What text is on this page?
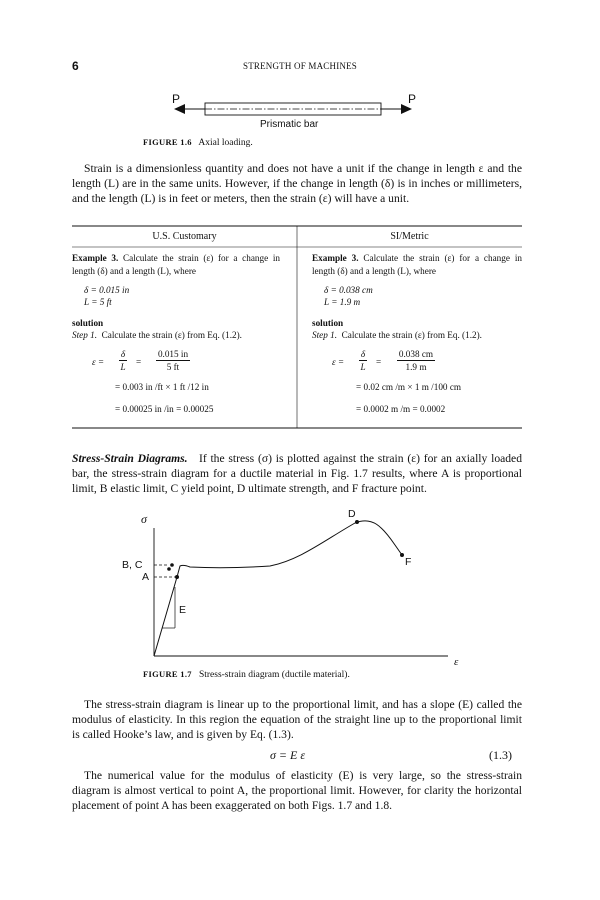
6	STRENGTH OF MACHINES
P	P
Prismatic bar
FIGURE 1.6 Axial loading.
Strain is a dimensionless quantity and does not have a unit if the change in length ε and the length (L) are in the same units. However, if the change in length (δ) is in inches or millimeters, and the length (L) is in feet or meters, then the strain (ε) will have a unit.
U.S. Customary	SI/Metric
Example 3. Calculate the strain (ε) for a change in length (δ) and a length (L), where
δ = 0.015 in
L = 5 ft
solution
Step 1. Calculate the strain (ε) from Eq. (1.2).
$\varepsilon = \frac{\delta}{L} = \frac{0.015 in}{5 ft}$
= 0.003 in /ft × 1 ft /12 in
= 0.00025 in /in = 0.00025
Example 3. Calculate the strain (ε) for a change in length (δ) and a length (L), where
δ = 0.038 cm
L = 1.9 m
solution
Step 1. Calculate the strain (ε) from Eq. (1.2).
$\varepsilon = \frac{\delta}{L} = \frac{0.038 cm}{1.9 m}$
= 0.02 cm /m × 1 m /100 cm
= 0.0002 m /m = 0.0002
Stress-Strain Diagrams. If the stress (σ) is plotted against the strain (ε) for an axially loaded bar, the stress-strain diagram for a ductile material in Fig. 1.7 results, where A is proportional limit, B elastic limit, C yield point, D ultimate strength, and F fracture point.
σ
ε
B, C
A
D
F
E
FIGURE 1.7 Stress-strain diagram (ductile material).
The stress-strain diagram is linear up to the proportional limit, and has a slope (E) called the modulus of elasticity. In this region the equation of the straight line up to the proportional limit is called Hooke’s law, and is given by Eq. (1.3).
σ = E ε	(1.3)
The numerical value for the modulus of elasticity (E) is very large, so the stress-strain diagram is almost vertical to point A, the proportional limit. However, for clarity the horizontal placement of point A has been exaggerated on both Figs. 1.7 and 1.8.
